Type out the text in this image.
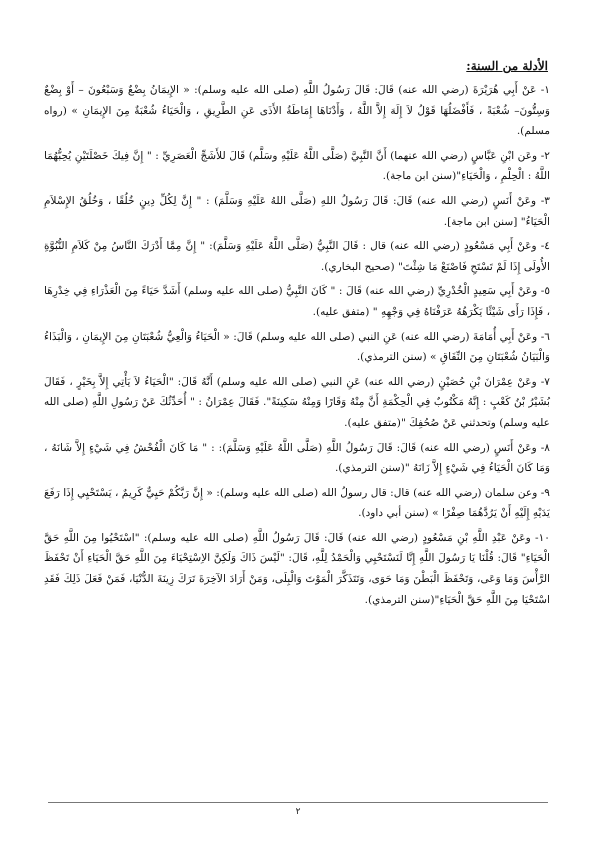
الأدلة من السنة:
١- عَنْ أَبِي هُرَيْرَةَ (رضي الله عنه) قَالَ: قَالَ رَسُولُ اللَّهِ (صلى الله عليه وسلم): « الإِيمَانُ بِضْعٌ وَسَبْعُونَ – أَوْ بِضْعٌ وَسِتُّونَ– شُعْبَةً ، فَأَفْضَلُهَا قَوْلُ لاَ إِلَهَ إِلاَّ اللَّهُ ، وَأَدْنَاهَا إِمَاطَةُ الأَذَى عَنِ الطَّرِيقِ ، وَالْحَيَاءُ شُعْبَةٌ مِنَ الإِيمَانِ » (رواه مسلم).
٢- وعَن ابْنِ عَبَّاسٍ (رضي الله عنهما) أَنَّ النَّبِيَّ (صَلَّى اللَّهُ عَلَيْهِ وسَلَّم) قَالَ للأَشَجِّ الْعَصَرِيِّ : " إِنَّ فِيكَ خَصْلَتَيْنِ يُحِبُّهُمَا اللَّهُ : الْحِلْمِ ، وَالْحَيَاءِ"(سنن ابن ماجة).
٣- وعَنْ أَنَسٍ (رضي الله عنه) قَالَ: قَالَ رَسُولُ اللهِ (صَلَّى اللهُ عَلَيْهِ وَسَلَّمَ) : " إِنَّ لِكُلِّ دِينٍ خُلُقًا ، وَخُلُقُ الإِسْلاَمِ الْحَيَاءُ" [سنن ابن ماجة].
٤- وعَنْ أَبِي مَسْعُودٍ (رضي الله عنه) قال : قَالَ النَّبِيُّ (صَلَّى اللَّهُ عَلَيْهِ وَسَلَّمَ): " إِنَّ مِمَّا أَدْرَكَ النَّاسُ مِنْ كَلاَمِ النُّبُوَّةِ الأُولَى إِذَا لَمْ تَسْتَحِ فَاصْنَعْ مَا شِئْتَ" (صحيح البخاري).
٥- وعَنْ أَبِي سَعِيدٍ الْخُدْرِيِّ (رضي الله عنه) قَالَ : " كَانَ النَّبِيُّ (صلى الله عليه وسلم) أَشَدَّ حَيَاءً مِنَ الْعَذْرَاءِ فِي خِدْرِهَا ، فَإِذَا رَأَى شَيْئًا يَكْرَهُهُ عَرَفْنَاهُ فِي وَجْهِهِ " (متفق عليه).
٦- وعَنْ أَبِي أُمَامَةَ (رضي الله عنه) عَنِ النبي (صلى الله عليه وسلم) قَالَ: « الْحَيَاءُ وَالْعِيُّ شُعْبَتَانِ مِنَ الإِيمَانِ ، وَالْبَذَاءُ وَالْبَيَانُ شُعْبَتَانِ مِنَ النِّفَاقِ » (سنن الترمذي).
٧- وعَنْ عِمْرَانَ بْنِ حُصَيْنٍ (رضي الله عنه) عَنِ النبي (صلى الله عليه وسلم) أَنَّهُ قَالَ: "الْحَيَاءُ لاَ يَأْتِي إِلاَّ بِخَيْرٍ ، فَقَالَ بُشَيْرُ بْنُ كَعْبٍ : إِنَّهُ مَكْتُوبٌ فِي الْحِكْمَةِ أَنَّ مِنْهُ وَقَارًا وَمِنْهُ سَكِينَةً". فَقَالَ عِمْرَانُ : " أُحَدِّثُكَ عَنْ رَسُولِ اللَّهِ (صلى الله عليه وسلم) وتحدثني عَنْ صُحُفِكَ "(متفق عليه).
٨- وعَنْ أَنَسٍ (رضي الله عنه) قَالَ: قَالَ رَسُولُ اللَّهِ (صَلَّى اللَّهُ عَلَيْهِ وَسَلَّمَ): : " مَا كَانَ الْفُحْشُ فِي شَيْءٍ إِلاَّ شَانَهُ ، وَمَا كَانَ الْحَيَاءُ فِي شَيْءٍ إِلاَّ زَانَهُ "(سنن الترمذي).
٩- وعن سلمان (رضي الله عنه) قال: قال رسولُ الله (صلى الله عليه وسلم): « إِنَّ رَبَّكُمْ حَيِيٌّ كَرِيمٌ ، يَسْتَحْيِي إِذَا رَفَعَ يَدَيْهِ إِلَيْهِ أَنْ يَرُدَّهُمَا صِفْرًا » (سنن أبي داود).
١٠- وعَنْ عَبْدِ اللَّهِ بْنِ مَسْعُودٍ (رضي الله عنه) قَالَ: قَالَ رَسُولُ اللَّهِ (صلى الله عليه وسلم): "اسْتَحْيُوا مِنَ اللَّهِ حَقَّ الْحَيَاءِ" قَالَ: قُلْنَا يَا رَسُولَ اللَّهِ إِنَّا لَنَسْتَحْيِي وَالْحَمْدُ لِلَّهِ، قَالَ: "لَيْسَ ذَاكَ وَلَكِنَّ الاِسْتِحْيَاءَ مِنَ اللَّهِ حَقَّ الْحَيَاءِ أَنْ تَحْفَظَ الرَّأْسَ وَمَا وَعَى، وَتَحْفَظَ الْبَطْنَ وَمَا حَوَى، وَتَتَذَكَّرَ الْمَوْتَ وَالْبِلَى، وَمَنْ أَرَادَ الآخِرَةَ تَرَكَ زِينَةَ الدُّنْيَا، فَمَنْ فَعَلَ ذَلِكَ فَقَدِ اسْتَحْيَا مِنَ اللَّهِ حَقَّ الْحَيَاءِ"(سنن الترمذي).
٢
